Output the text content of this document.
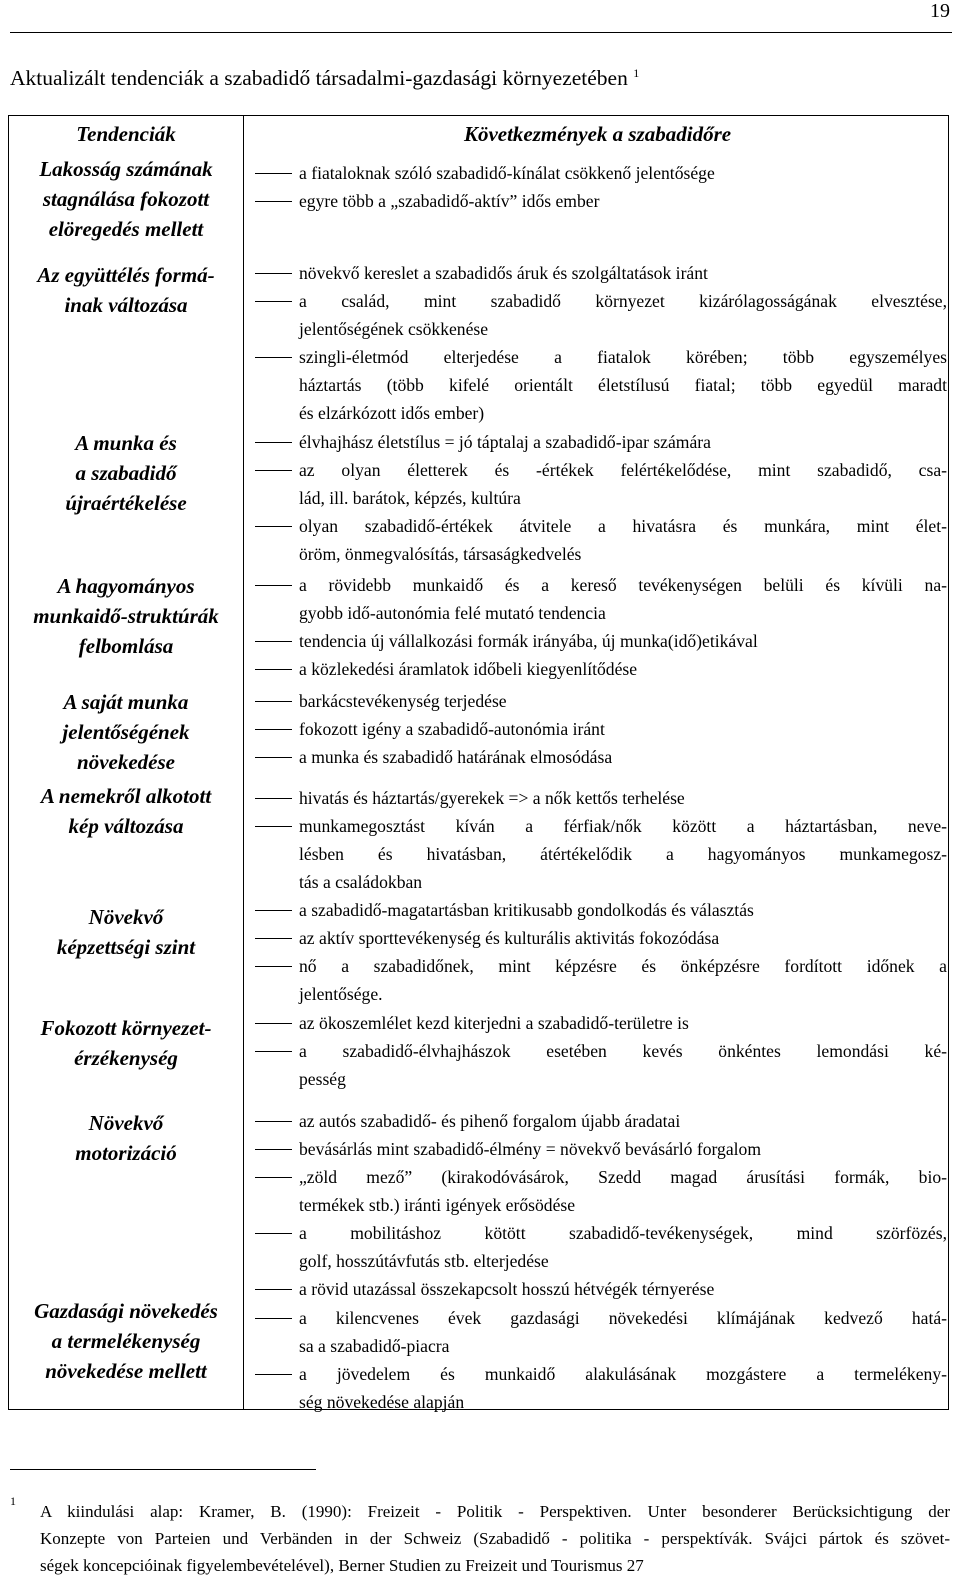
19
Aktualizált tendenciák a szabadidő társadalmi-gazdasági környezetében $^1$
Tendenciák	Következmények a szabadidőre
Lakosság számának
stagnálása fokozott
elöregedés mellett
Az együttélés formá-
inak változása
A munka és
a szabadidő
újraértékelése
A hagyományos
munkaidő-struktúrák
felbomlása
A saját munka
jelentőségének
növekedése
A nemekről alkotott
kép változása
Növekvő
képzettségi szint
Fokozott környezet-
érzékenység
Növekvő
motorizáció
Gazdasági növekedés
a termelékenység
növekedése mellett
a fiataloknak szóló szabadidő-kínálat csökkenő jelentősége
egyre több a „szabadidő-aktív” idős ember
növekvő kereslet a szabadidős áruk és szolgáltatások iránt
a család, mint szabadidő környezet kizárólagosságának elvesztése,
jelentőségének csökkenése
szingli-életmód elterjedése a fiatalok körében; több egyszemélyes
háztartás (több kifelé orientált életstílusú fiatal; több egyedül maradt
és elzárkózott idős ember)
élvhajhász életstílus = jó táptalaj a szabadidő-ipar számára
az olyan életterek és -értékek felértékelődése, mint szabadidő, csa-
lád, ill. barátok, képzés, kultúra
olyan szabadidő-értékek átvitele a hivatásra és munkára, mint élet-
öröm, önmegvalósítás, társaságkedvelés
a rövidebb munkaidő és a kereső tevékenységen belüli és kívüli na-
gyobb idő-autonómia felé mutató tendencia
tendencia új vállalkozási formák irányába, új munka(idő)etikával
a közlekedési áramlatok időbeli kiegyenlítődése
barkácstevékenység terjedése
fokozott igény a szabadidő-autonómia iránt
a munka és szabadidő határának elmosódása
hivatás és háztartás/gyerekek => a nők kettős terhelése
munkamegosztást kíván a férfiak/nők között a háztartásban, neve-
lésben és hivatásban, átértékelődik a hagyományos munkamegosz-
tás a családokban
a szabadidő-magatartásban kritikusabb gondolkodás és választás
az aktív sporttevékenység és kulturális aktivitás fokozódása
nő a szabadidőnek, mint képzésre és önképzésre fordított időnek a
jelentősége.
az ökoszemlélet kezd kiterjedni a szabadidő-területre is
a szabadidő-élvhajhászok esetében kevés önkéntes lemondási ké-
pesség
az autós szabadidő- és pihenő forgalom újabb áradatai
bevásárlás mint szabadidő-élmény = növekvő bevásárló forgalom
„zöld mező” (kirakodóvásárok, Szedd magad árusítási formák, bio-
termékek stb.) iránti igények erősödése
a mobilitáshoz kötött szabadidő-tevékenységek, mind szörfözés,
golf, hosszútávfutás stb. elterjedése
a rövid utazással összekapcsolt hosszú hétvégék térnyerése
a kilencvenes évek gazdasági növekedési klímájának kedvező hatá-
sa a szabadidő-piacra
a jövedelem és munkaidő alakulásának mozgástere a termelékeny-
ség növekedése alapján
1
A kiindulási alap: Kramer, B. (1990): Freizeit - Politik - Perspektiven. Unter besonderer Berücksichtigung der
Konzepte von Parteien und Verbänden in der Schweiz (Szabadidő - politika - perspektívák. Svájci pártok és szövet-
ségek koncepcióinak figyelembevételével), Berner Studien zu Freizeit und Tourismus 27
